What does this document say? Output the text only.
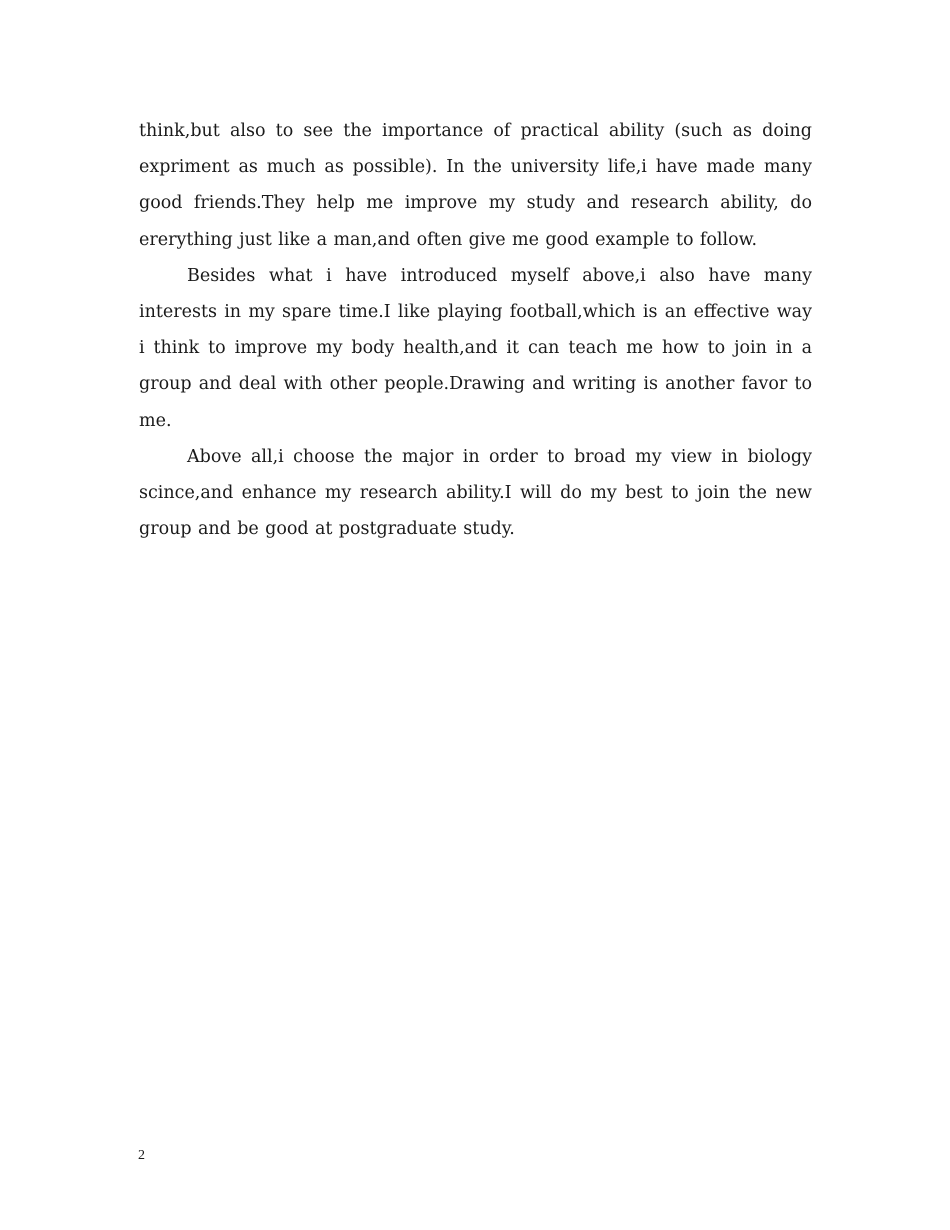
think,but also to see the importance of practical ability (such as doing expriment as much as possible). In the university life,i have made many good friends.They help me improve my study and research ability, do ererything just like a man,and often give me good example to follow.

Besides what i have introduced myself above,i also have many interests in my spare time.I like playing football,which is an effective way i think to improve my body health,and it can teach me how to join in a group and deal with other people.Drawing and writing is another favor to me.

Above all,i choose the major in order to broad my view in biology scince,and enhance my research ability.I will do my best to join the new group and be good at postgraduate study.

2
